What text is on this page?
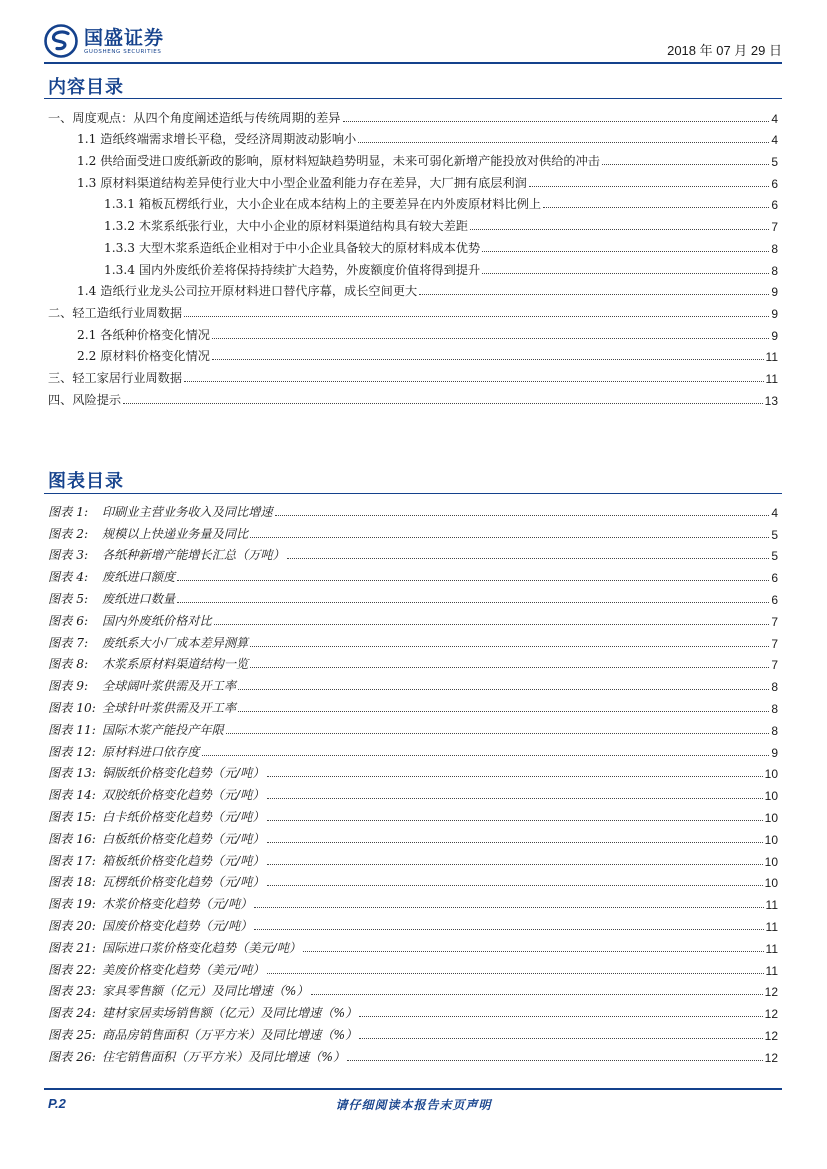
国盛证券
GUOSHENG SECURITIES	2018 年 07 月 29 日
内容目录
一、周度观点：从四个角度阐述造纸与传统周期的差异	4
1.1 造纸终端需求增长平稳，受经济周期波动影响小	4
1.2 供给面受进口废纸新政的影响，原材料短缺趋势明显，未来可弱化新增产能投放对供给的冲击	5
1.3 原材料渠道结构差异使行业大中小型企业盈利能力存在差异，大厂拥有底层利润	6
1.3.1 箱板瓦楞纸行业，大小企业在成本结构上的主要差异在内外废原材料比例上	6
1.3.2 木浆系纸张行业，大中小企业的原材料渠道结构具有较大差距	7
1.3.3 大型木浆系造纸企业相对于中小企业具备较大的原材料成本优势	8
1.3.4 国内外废纸价差将保持持续扩大趋势，外废额度价值将得到提升	8
1.4 造纸行业龙头公司拉开原材料进口替代序幕，成长空间更大	9
二、轻工造纸行业周数据	9
2.1 各纸种价格变化情况	9
2.2 原材料价格变化情况	11
三、轻工家居行业周数据	11
四、风险提示	13
图表目录
图表 1: 印刷业主营业务收入及同比增速	4
图表 2: 规模以上快递业务量及同比	5
图表 3: 各纸种新增产能增长汇总（万吨）	5
图表 4: 废纸进口额度	6
图表 5: 废纸进口数量	6
图表 6: 国内外废纸价格对比	7
图表 7: 废纸系大小厂成本差异测算	7
图表 8: 木浆系原材料渠道结构一览	7
图表 9: 全球阔叶浆供需及开工率	8
图表 10: 全球针叶浆供需及开工率	8
图表 11: 国际木浆产能投产年限	8
图表 12: 原材料进口依存度	9
图表 13: 铜版纸价格变化趋势（元/吨）	10
图表 14: 双胶纸价格变化趋势（元/吨）	10
图表 15: 白卡纸价格变化趋势（元/吨）	10
图表 16: 白板纸价格变化趋势（元/吨）	10
图表 17: 箱板纸价格变化趋势（元/吨）	10
图表 18: 瓦楞纸价格变化趋势（元/吨）	10
图表 19: 木浆价格变化趋势（元/吨）	11
图表 20: 国废价格变化趋势（元/吨）	11
图表 21: 国际进口浆价格变化趋势（美元/吨）	11
图表 22: 美废价格变化趋势（美元/吨）	11
图表 23: 家具零售额（亿元）及同比增速（%）	12
图表 24: 建材家居卖场销售额（亿元）及同比增速（%）	12
图表 25: 商品房销售面积（万平方米）及同比增速（%）	12
图表 26: 住宅销售面积（万平方米）及同比增速（%）	12
P.2	请仔细阅读本报告末页声明
